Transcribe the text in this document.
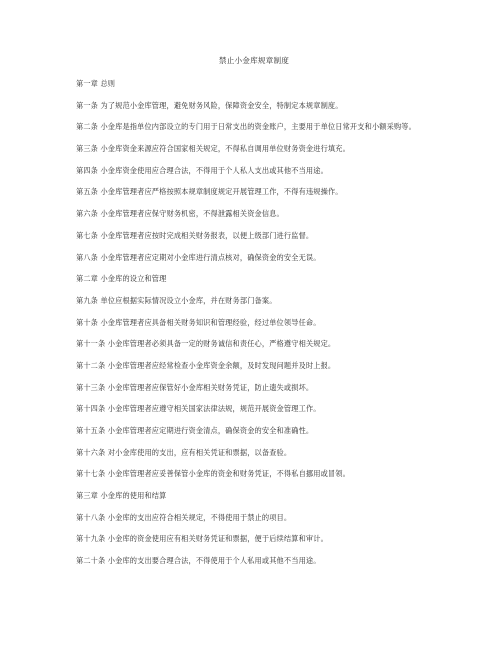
禁止小金库规章制度

第一章 总则

第一条 为了规范小金库管理，避免财务风险，保障资金安全，特制定本规章制度。

第二条 小金库是指单位内部设立的专门用于日常支出的资金账户，主要用于单位日常开支和小额采购等。

第三条 小金库资金来源应符合国家相关规定，不得私自调用单位财务资金进行填充。

第四条 小金库资金使用应合理合法，不得用于个人私人支出或其他不当用途。

第五条 小金库管理者应严格按照本规章制度规定开展管理工作，不得有违规操作。

第六条 小金库管理者应保守财务机密，不得泄露相关资金信息。

第七条 小金库管理者应按时完成相关财务报表，以便上级部门进行监督。

第八条 小金库管理者应定期对小金库进行清点核对，确保资金的安全无误。

第二章 小金库的设立和管理

第九条 单位应根据实际情况设立小金库，并在财务部门备案。

第十条 小金库管理者应具备相关财务知识和管理经验，经过单位领导任命。

第十一条 小金库管理者必须具备一定的财务诚信和责任心，严格遵守相关规定。

第十二条 小金库管理者应经常检查小金库资金余额，及时发现问题并及时上报。

第十三条 小金库管理者应保管好小金库相关财务凭证，防止遗失或损坏。

第十四条 小金库管理者应遵守相关国家法律法规，规范开展资金管理工作。

第十五条 小金库管理者应定期进行资金清点，确保资金的安全和准确性。

第十六条 对小金库使用的支出，应有相关凭证和票据，以备查验。

第十七条 小金库管理者应妥善保管小金库的资金和财务凭证，不得私自挪用或冒领。

第三章 小金库的使用和结算

第十八条 小金库的支出应符合相关规定，不得使用于禁止的项目。

第十九条 小金库的资金使用应有相关财务凭证和票据，便于后续结算和审计。

第二十条 小金库的支出要合理合法，不得使用于个人私用或其他不当用途。
